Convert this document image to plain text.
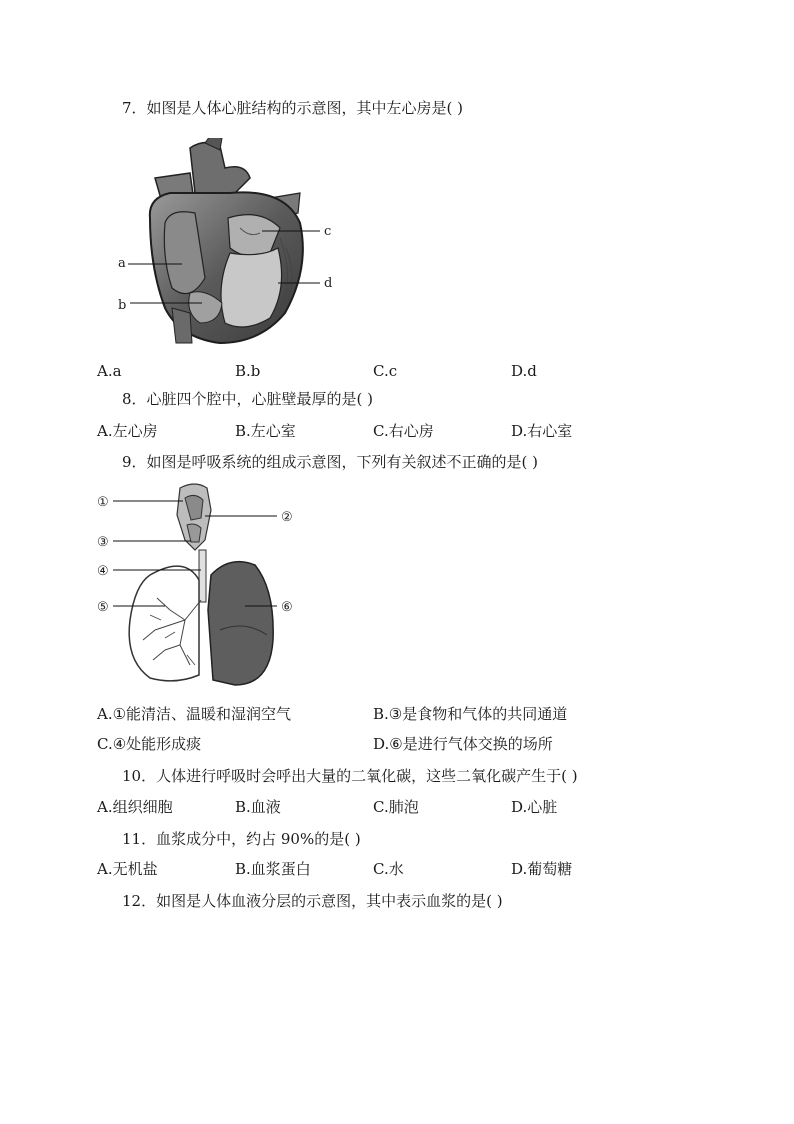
7．如图是人体心脏结构的示意图，其中左心房是( )
c
a
d
b
A.a	B.b	C.c	D.d
8．心脏四个腔中，心脏壁最厚的是( )
A.左心房	B.左心室	C.右心房	D.右心室
9．如图是呼吸系统的组成示意图，下列有关叙述不正确的是( )
①
②
③
④
⑤	⑥
A.①能清洁、温暖和湿润空气	B.③是食物和气体的共同通道
C.④处能形成痰	D.⑥是进行气体交换的场所
10．人体进行呼吸时会呼出大量的二氧化碳，这些二氧化碳产生于( )
A.组织细胞	B.血液	C.肺泡	D.心脏
11．血浆成分中，约占 90%的是( )
A.无机盐	B.血浆蛋白	C.水	D.葡萄糖
12．如图是人体血液分层的示意图，其中表示血浆的是( )
